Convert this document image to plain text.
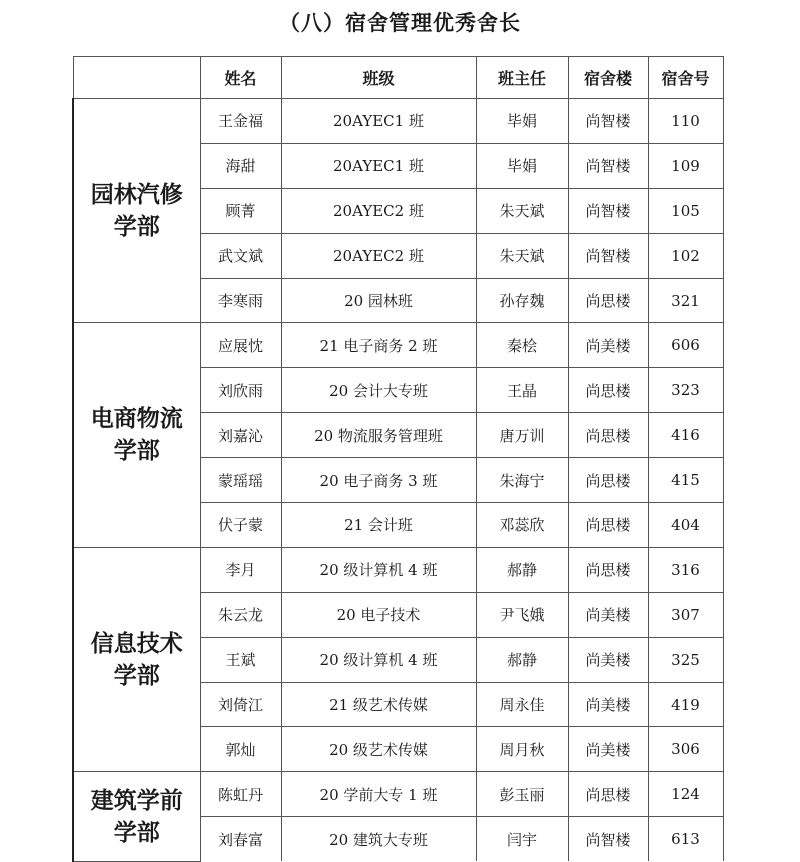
（八）宿舍管理优秀舍长
	姓名	班级	班主任	宿舍楼	宿舍号

园林汽修
学部	王金福	20AYEC1 班	毕娟	尚智楼	110
	海甜	20AYEC1 班	毕娟	尚智楼	109
	顾菁	20AYEC2 班	朱天斌	尚智楼	105
	武文斌	20AYEC2 班	朱天斌	尚智楼	102
	李寒雨	20 园林班	孙存魏	尚思楼	321

电商物流
学部	应展忱	21 电子商务 2 班	秦桧	尚美楼	606
	刘欣雨	20 会计大专班	王晶	尚思楼	323
	刘嘉沁	20 物流服务管理班	唐万训	尚思楼	416
	蒙瑶瑶	20 电子商务 3 班	朱海宁	尚思楼	415
	伏子蒙	21 会计班	邓蕊欣	尚思楼	404

信息技术
学部	李月	20 级计算机 4 班	郝静	尚思楼	316
	朱云龙	20 电子技术	尹飞娥	尚美楼	307
	王斌	20 级计算机 4 班	郝静	尚美楼	325
	刘倚江	21 级艺术传媒	周永佳	尚美楼	419
	郭灿	20 级艺术传媒	周月秋	尚美楼	306

建筑学前
学部	陈虹丹	20 学前大专 1 班	彭玉丽	尚思楼	124
	刘春富	20 建筑大专班	闫宇	尚智楼	613
